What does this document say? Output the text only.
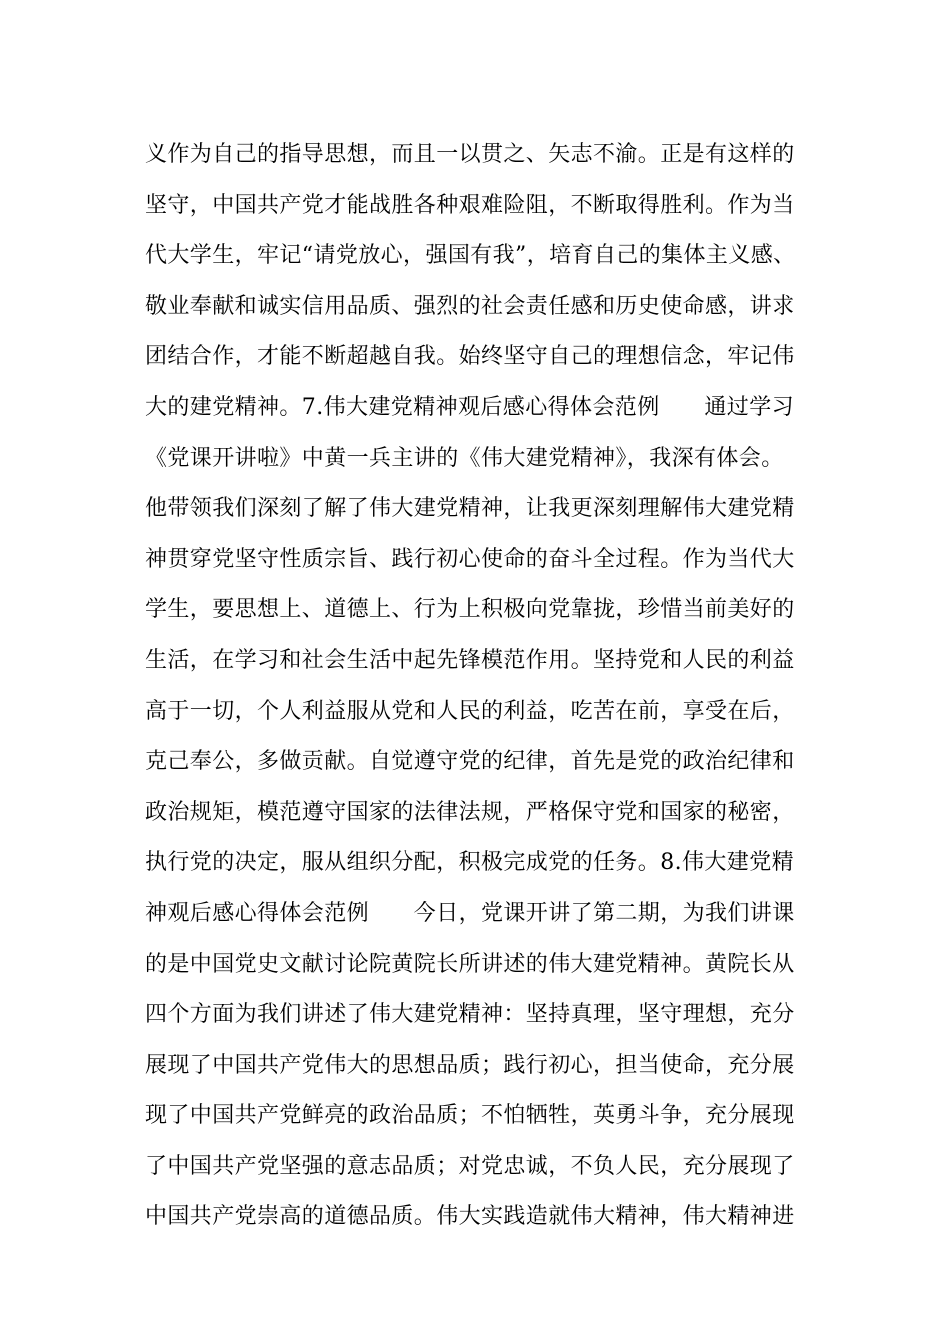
义作为自己的指导思想，而且一以贯之、矢志不渝。正是有这样的
坚守，中国共产党才能战胜各种艰难险阻，不断取得胜利。作为当
代大学生，牢记“请党放心，强国有我”，培育自己的集体主义感、
敬业奉献和诚实信用品质、强烈的社会责任感和历史使命感，讲求
团结合作，才能不断超越自我。始终坚守自己的理想信念，牢记伟
大的建党精神。7.伟大建党精神观后感心得体会范例　　通过学习
《党课开讲啦》中黄一兵主讲的《伟大建党精神》，我深有体会。
他带领我们深刻了解了伟大建党精神，让我更深刻理解伟大建党精
神贯穿党坚守性质宗旨、践行初心使命的奋斗全过程。作为当代大
学生，要思想上、道德上、行为上积极向党靠拢，珍惜当前美好的
生活，在学习和社会生活中起先锋模范作用。坚持党和人民的利益
高于一切，个人利益服从党和人民的利益，吃苦在前，享受在后，
克己奉公，多做贡献。自觉遵守党的纪律，首先是党的政治纪律和
政治规矩，模范遵守国家的法律法规，严格保守党和国家的秘密，
执行党的决定，服从组织分配，积极完成党的任务。8.伟大建党精
神观后感心得体会范例　　今日，党课开讲了第二期，为我们讲课
的是中国党史文献讨论院黄院长所讲述的伟大建党精神。黄院长从
四个方面为我们讲述了伟大建党精神：坚持真理，坚守理想，充分
展现了中国共产党伟大的思想品质；践行初心，担当使命，充分展
现了中国共产党鲜亮的政治品质；不怕牺牲，英勇斗争，充分展现
了中国共产党坚强的意志品质；对党忠诚，不负人民，充分展现了
中国共产党崇高的道德品质。伟大实践造就伟大精神，伟大精神进
